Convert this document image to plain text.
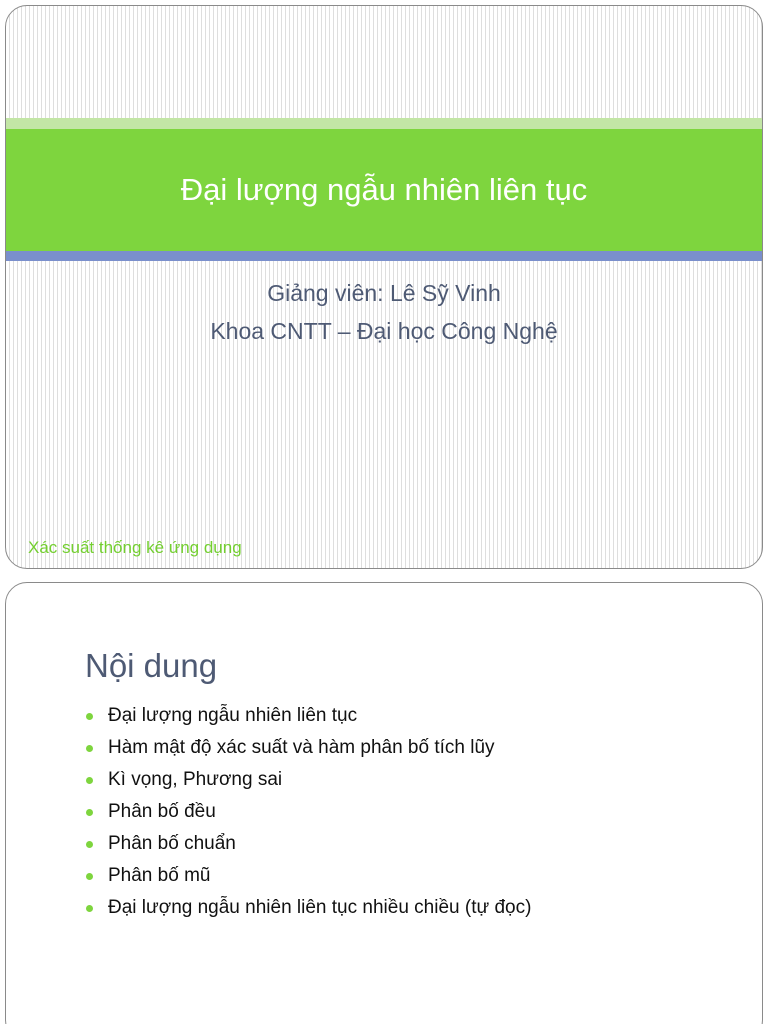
Đại lượng ngẫu nhiên liên tục
Giảng viên: Lê Sỹ Vinh
Khoa CNTT – Đại học Công Nghệ
Xác suất thống kê ứng dụng
Nội dung
Đại lượng ngẫu nhiên liên tục
Hàm mật độ xác suất và hàm phân bố tích lũy
Kì vọng, Phương sai
Phân bố đều
Phân bố chuẩn
Phân bố mũ
Đại lượng ngẫu nhiên liên tục nhiều chiều (tự đọc)
